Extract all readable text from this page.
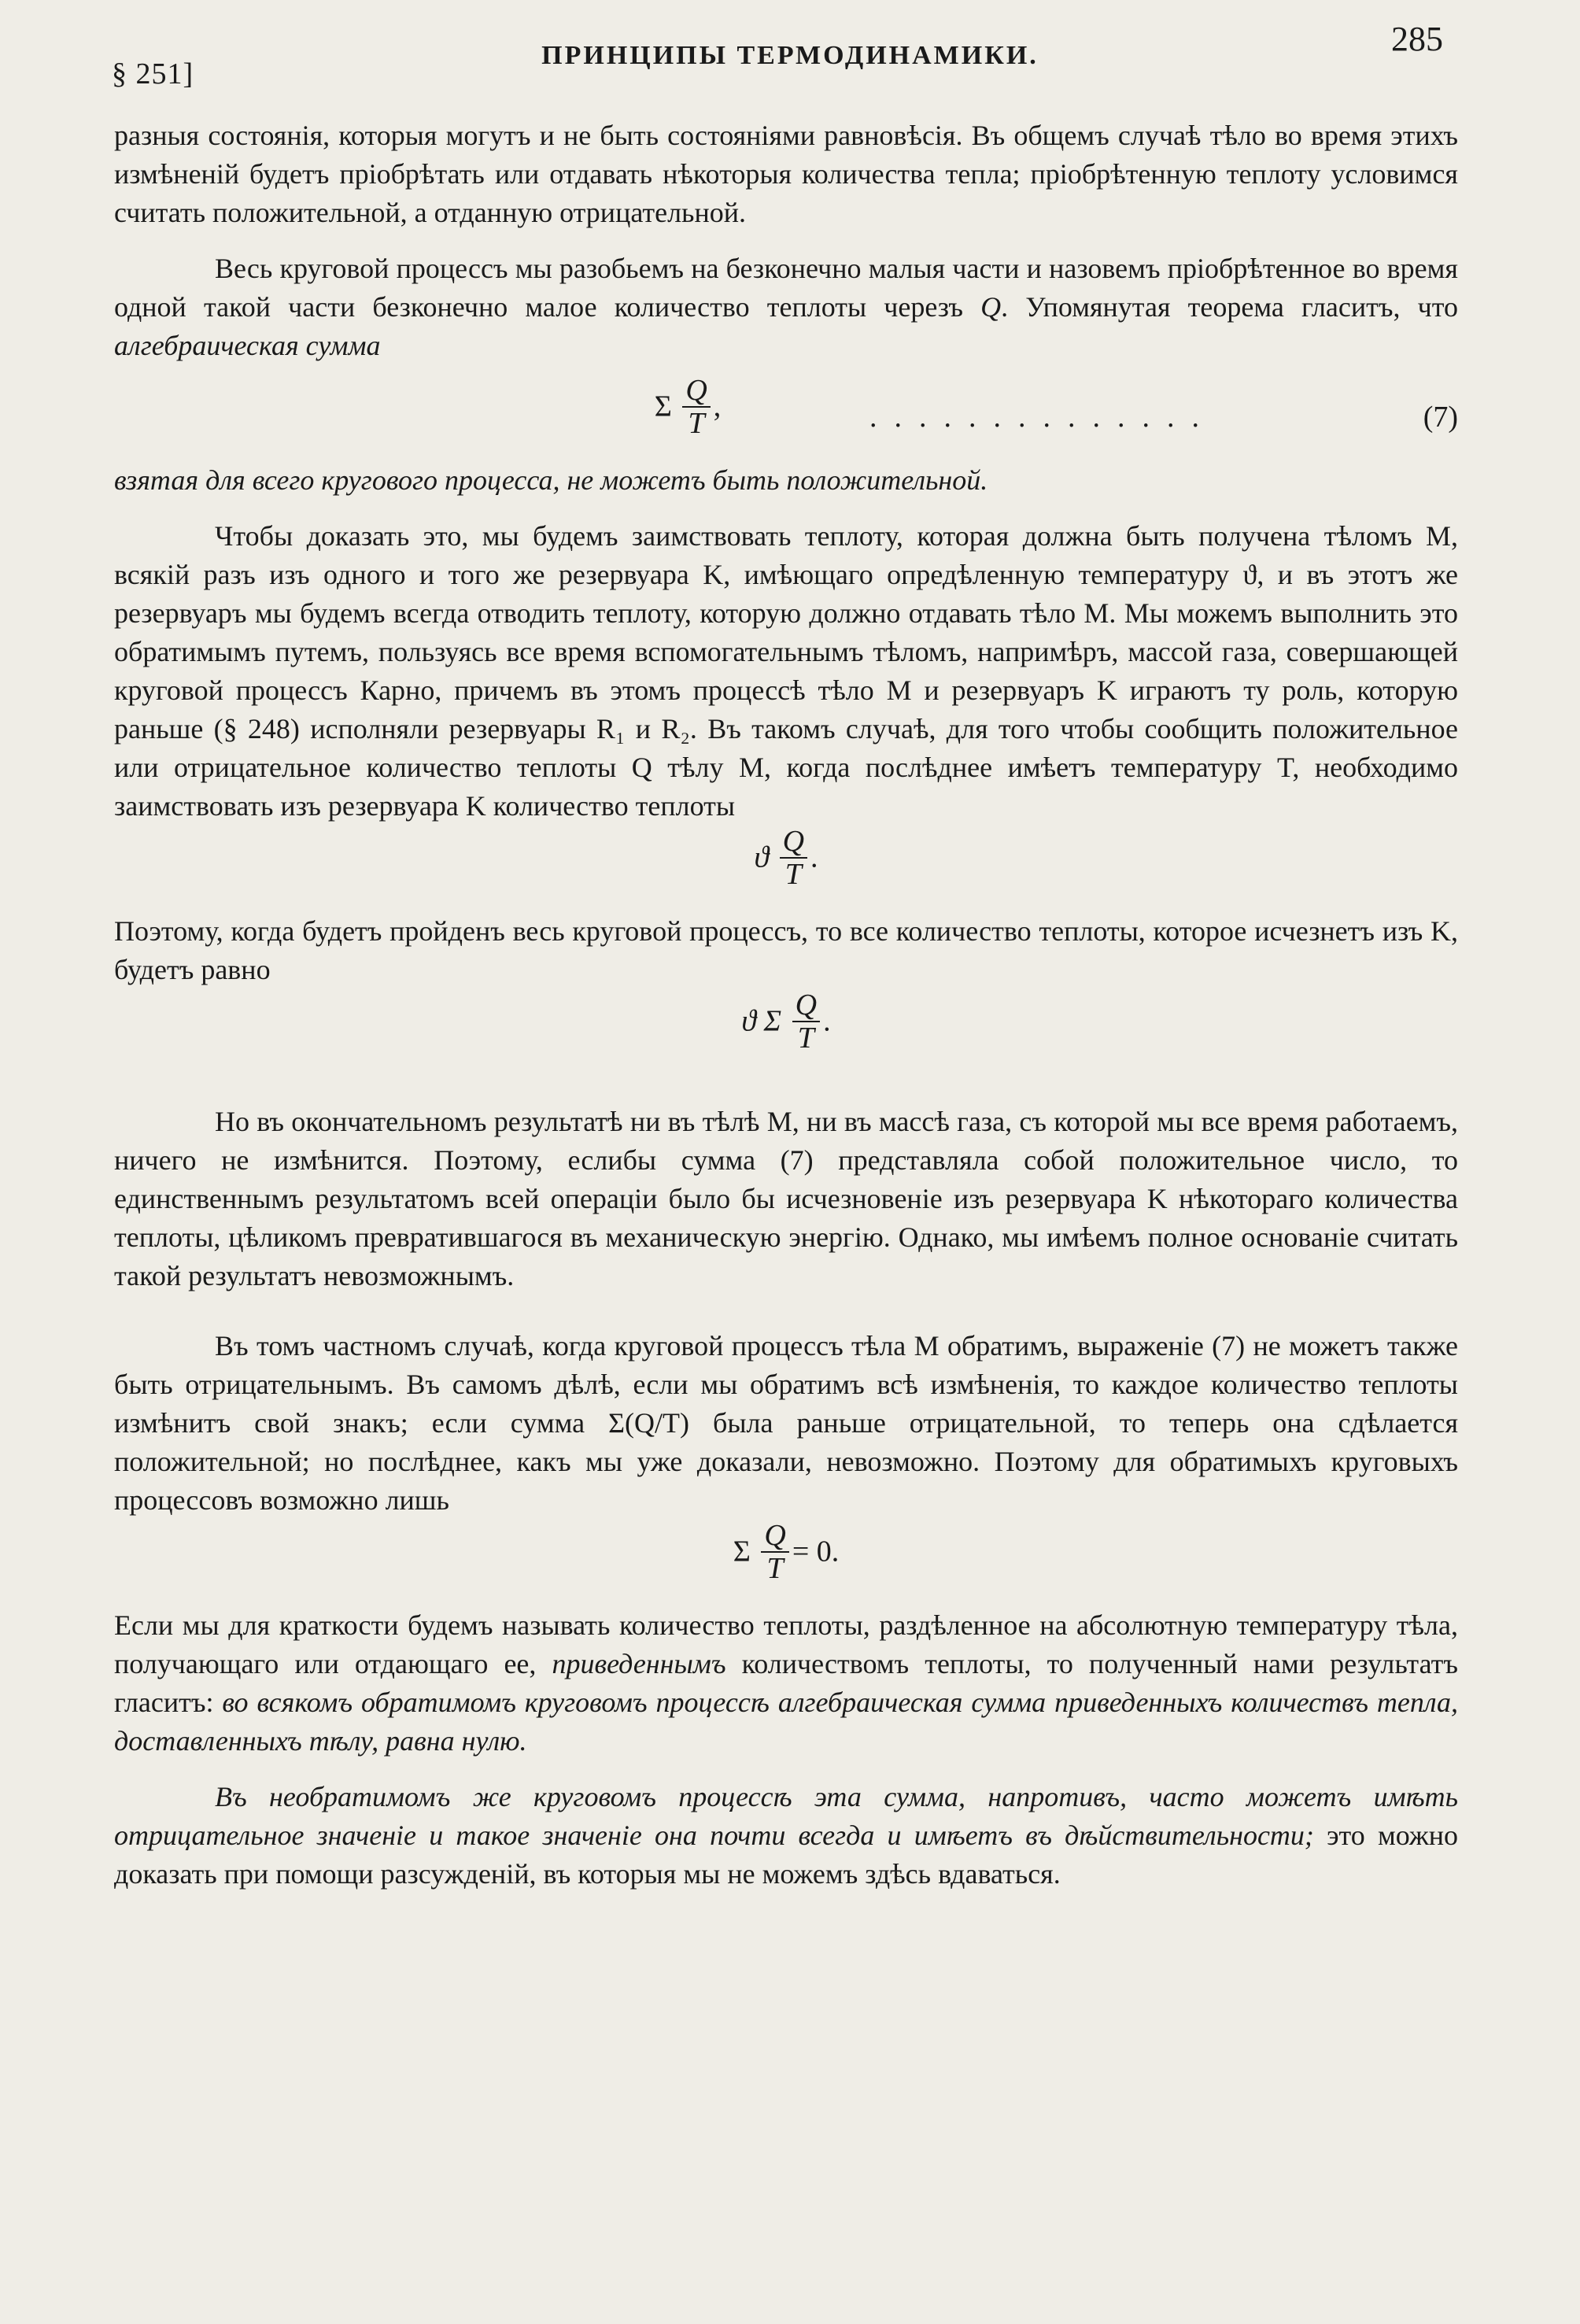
§ 251]
ПРИНЦИПЫ ТЕРМОДИНАМИКИ.	285

разныя состоянія, которыя могутъ и не быть состояніями равновѣсія. Въ общемъ случаѣ тѣло во время этихъ измѣненій будетъ пріобрѣтать или отдавать нѣкоторыя количества тепла; пріобрѣтенную теплоту условимся считать положительной, а отданную отрицательной.

Весь круговой процессъ мы разобьемъ на безконечно малыя части и назовемъ пріобрѣтенное во время одной такой части безконечно малое количество теплоты черезъ Q. Упомянутая теорема гласитъ, что алгебраическая сумма

Σ $\frac{Q}{T}$ ,	..............	(7)

взятая для всего кругового процесса, не можетъ быть положительной.

Чтобы доказать это, мы будемъ заимствовать теплоту, которая должна быть получена тѣломъ M, всякій разъ изъ одного и того же резервуара K, имѣющаго опредѣленную температуру ϑ, и въ этотъ же резервуаръ мы будемъ всегда отводить теплоту, которую должно отдавать тѣло M. Мы можемъ выполнить это обратимымъ путемъ, пользуясь все время вспомогательнымъ тѣломъ, напримѣръ, массой газа, совершающей круговой процессъ Карно, причемъ въ этомъ процессѣ тѣло M и резервуаръ K играютъ ту роль, которую раньше (§ 248) исполняли резервуары R₁ и R₂. Въ такомъ случаѣ, для того чтобы сообщить положительное или отрицательное количество теплоты Q тѣлу M, когда послѣднее имѣетъ температуру T, необходимо заимствовать изъ резервуара K количество теплоты

ϑ $\frac{Q}{T}$ .

Поэтому, когда будетъ пройденъ весь круговой процессъ, то все количество теплоты, которое исчезнетъ изъ K, будетъ равно

ϑ Σ $\frac{Q}{T}$ .

Но въ окончательномъ результатѣ ни въ тѣлѣ M, ни въ массѣ газа, съ которой мы все время работаемъ, ничего не измѣнится. Поэтому, еслибы сумма (7) представляла собой положительное число, то единственнымъ результатомъ всей операціи было бы исчезновеніе изъ резервуара K нѣкотораго количества теплоты, цѣликомъ превратившагося въ механическую энергію. Однако, мы имѣемъ полное основаніе считать такой результатъ невозможнымъ.

Въ томъ частномъ случаѣ, когда круговой процессъ тѣла M обратимъ, выраженіе (7) не можетъ также быть отрицательнымъ. Въ самомъ дѣлѣ, если мы обратимъ всѣ измѣненія, то каждое количество теплоты измѣнитъ свой знакъ; если сумма Σ(Q/T) была раньше отрицательной, то теперь она сдѣлается положительной; но послѣднее, какъ мы уже доказали, невозможно. Поэтому для обратимыхъ круговыхъ процессовъ возможно лишь

Σ $\frac{Q}{T} = 0$.

Если мы для краткости будемъ называть количество теплоты, раздѣленное на абсолютную температуру тѣла, получающаго или отдающаго ее, приведеннымъ количествомъ теплоты, то полученный нами результатъ гласитъ: во всякомъ обратимомъ круговомъ процессѣ алгебраическая сумма приведенныхъ количествъ тепла, доставленныхъ тѣлу, равна нулю.

Въ необратимомъ же круговомъ процессѣ эта сумма, напротивъ, часто можетъ имѣть отрицательное значеніе и такое значеніе она почти всегда и имѣетъ въ дѣйствительности; это можно доказать при помощи разсужденій, въ которыя мы не можемъ здѣсь вдаваться.
